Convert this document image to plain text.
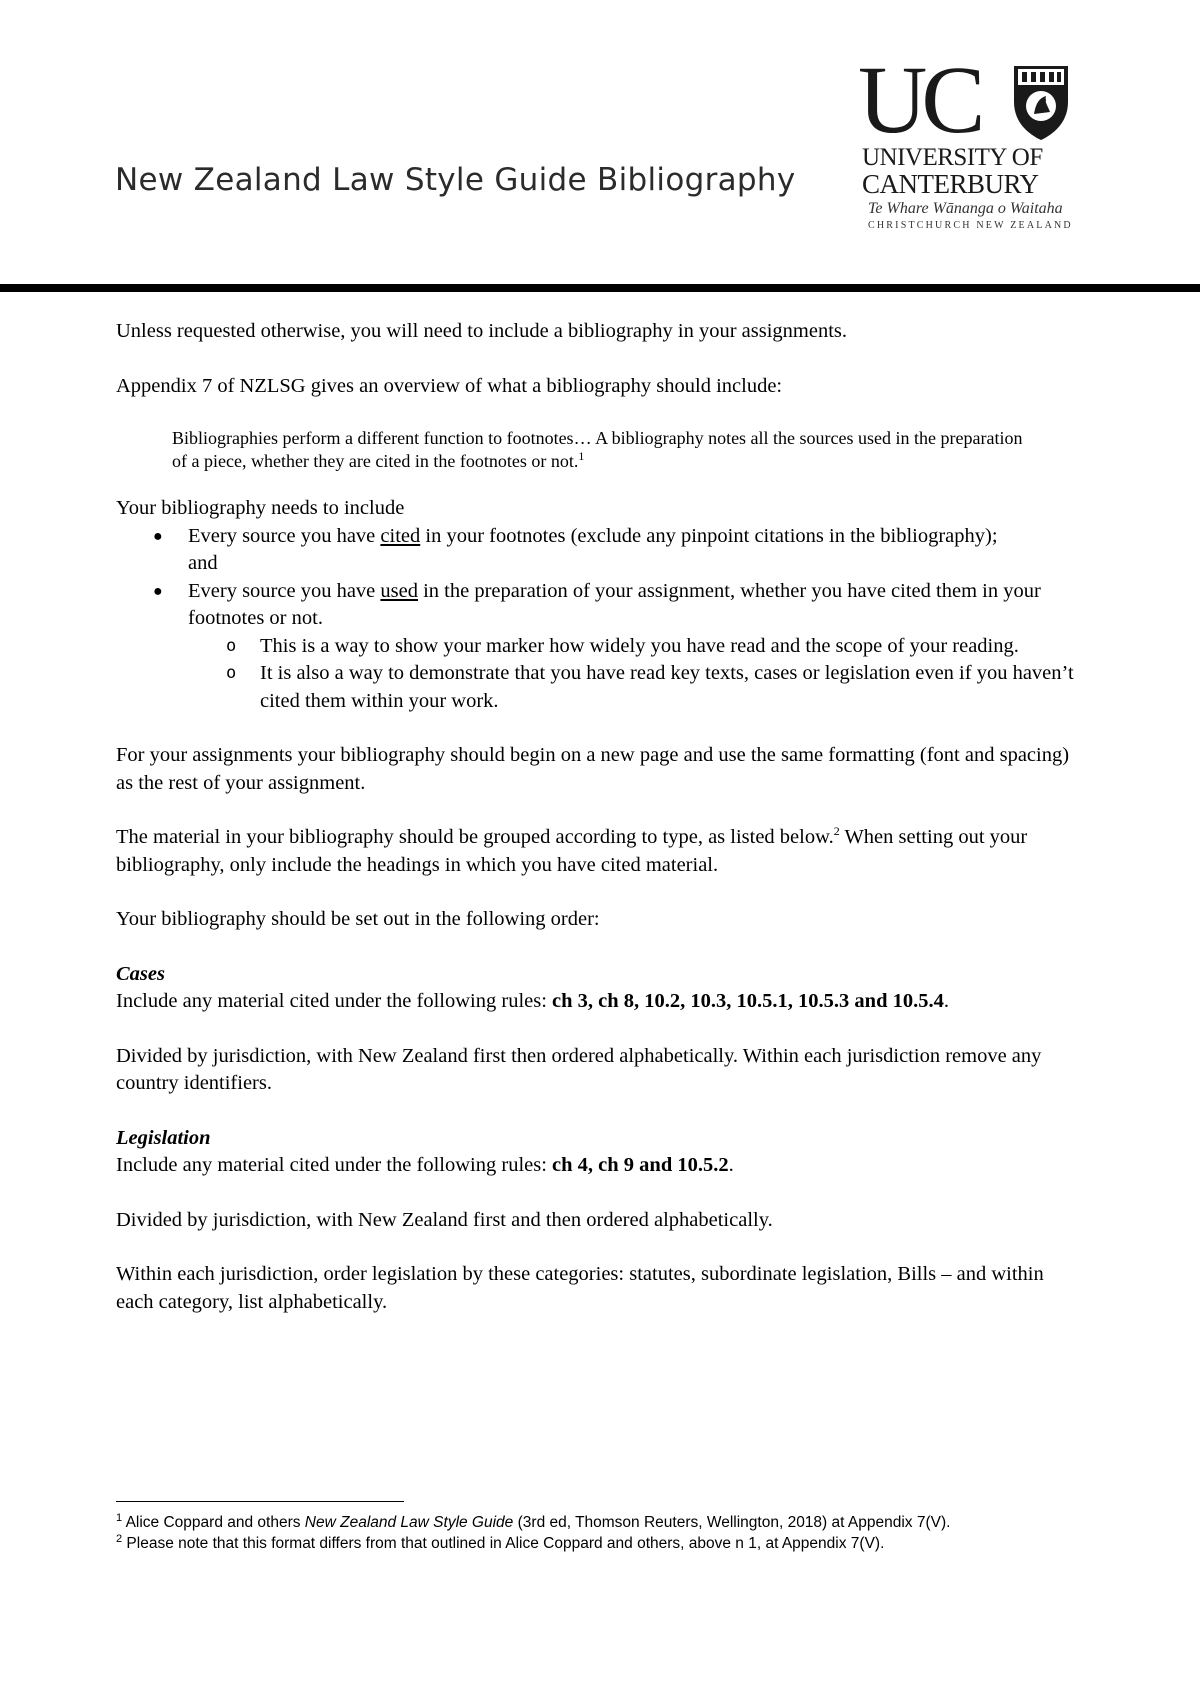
New Zealand Law Style Guide Bibliography
UC
UNIVERSITY OF
CANTERBURY
Te Whare Wānanga o Waitaha
CHRISTCHURCH NEW ZEALAND

Unless requested otherwise, you will need to include a bibliography in your assignments.

Appendix 7 of NZLSG gives an overview of what a bibliography should include:

Bibliographies perform a different function to footnotes… A bibliography notes all the sources used in the preparation of a piece, whether they are cited in the footnotes or not.$^1$

Your bibliography needs to include

● Every source you have cited in your footnotes (exclude any pinpoint citations in the bibliography);
and
● Every source you have used in the preparation of your assignment, whether you have cited them in your footnotes or not.
o This is a way to show your marker how widely you have read and the scope of your reading.
o It is also a way to demonstrate that you have read key texts, cases or legislation even if you haven’t cited them within your work.

For your assignments your bibliography should begin on a new page and use the same formatting (font and spacing) as the rest of your assignment.

The material in your bibliography should be grouped according to type, as listed below.$^2$ When setting out your bibliography, only include the headings in which you have cited material.

Your bibliography should be set out in the following order:

Cases

Include any material cited under the following rules: ch 3, ch 8, 10.2, 10.3, 10.5.1, 10.5.3 and 10.5.4.

Divided by jurisdiction, with New Zealand first then ordered alphabetically. Within each jurisdiction remove any country identifiers.

Legislation

Include any material cited under the following rules: ch 4, ch 9 and 10.5.2.

Divided by jurisdiction, with New Zealand first and then ordered alphabetically.

Within each jurisdiction, order legislation by these categories: statutes, subordinate legislation, Bills – and within each category, list alphabetically.

$^1$ Alice Coppard and others New Zealand Law Style Guide (3rd ed, Thomson Reuters, Wellington, 2018) at Appendix 7(V).

$^2$ Please note that this format differs from that outlined in Alice Coppard and others, above n 1, at Appendix 7(V).
